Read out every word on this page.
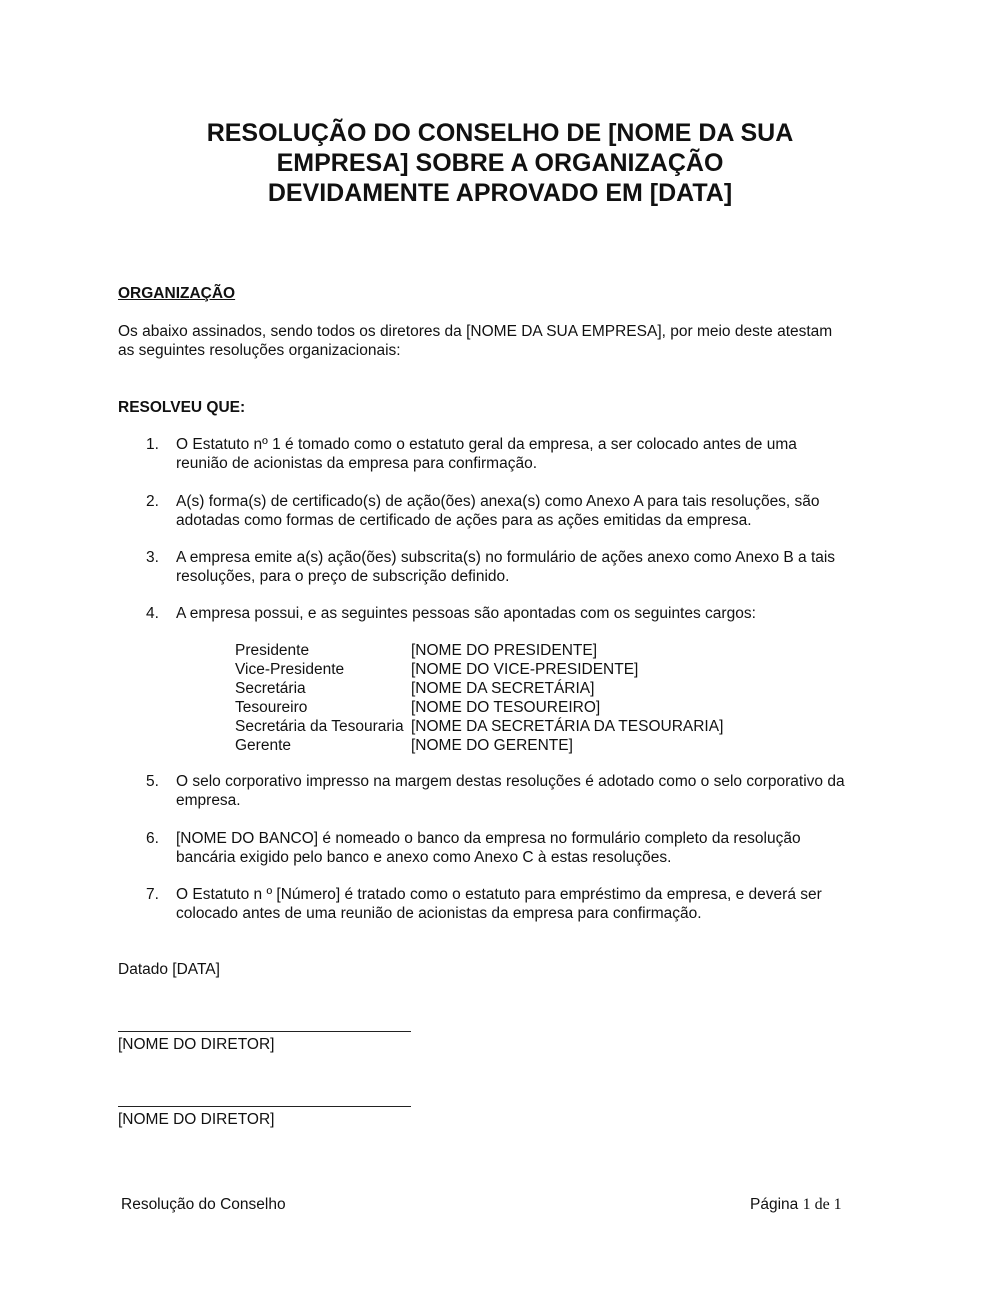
RESOLUÇÃO DO CONSELHO DE [NOME DA SUA
EMPRESA] SOBRE A ORGANIZAÇÃO
DEVIDAMENTE APROVADO EM [DATA]
ORGANIZAÇÃO
Os abaixo assinados, sendo todos os diretores da [NOME DA SUA EMPRESA], por meio deste atestam
as seguintes resoluções organizacionais:
RESOLVEU QUE:
1.	O Estatuto nº 1 é tomado como o estatuto geral da empresa, a ser colocado antes de uma
reunião de acionistas da empresa para confirmação.
2.	A(s) forma(s) de certificado(s) de ação(ões) anexa(s) como Anexo A para tais resoluções, são
adotadas como formas de certificado de ações para as ações emitidas da empresa.
3.	A empresa emite a(s) ação(ões) subscrita(s) no formulário de ações anexo como Anexo B a tais
resoluções, para o preço de subscrição definido.
4.	A empresa possui, e as seguintes pessoas são apontadas com os seguintes cargos:
Presidente	[NOME DO PRESIDENTE]
Vice-Presidente	[NOME DO VICE-PRESIDENTE]
Secretária	[NOME DA SECRETÁRIA]
Tesoureiro	[NOME DO TESOUREIRO]
Secretária da Tesouraria [NOME DA SECRETÁRIA DA TESOURARIA]
Gerente	[NOME DO GERENTE]
5.	O selo corporativo impresso na margem destas resoluções é adotado como o selo corporativo da
empresa.
6.	[NOME DO BANCO] é nomeado o banco da empresa no formulário completo da resolução
bancária exigido pelo banco e anexo como Anexo C à estas resoluções.
7.	O Estatuto n º [Número] é tratado como o estatuto para empréstimo da empresa, e deverá ser
colocado antes de uma reunião de acionistas da empresa para confirmação.
Datado [DATA]
[NOME DO DIRETOR]
[NOME DO DIRETOR]
Resolução do Conselho	Página 1 de 1
